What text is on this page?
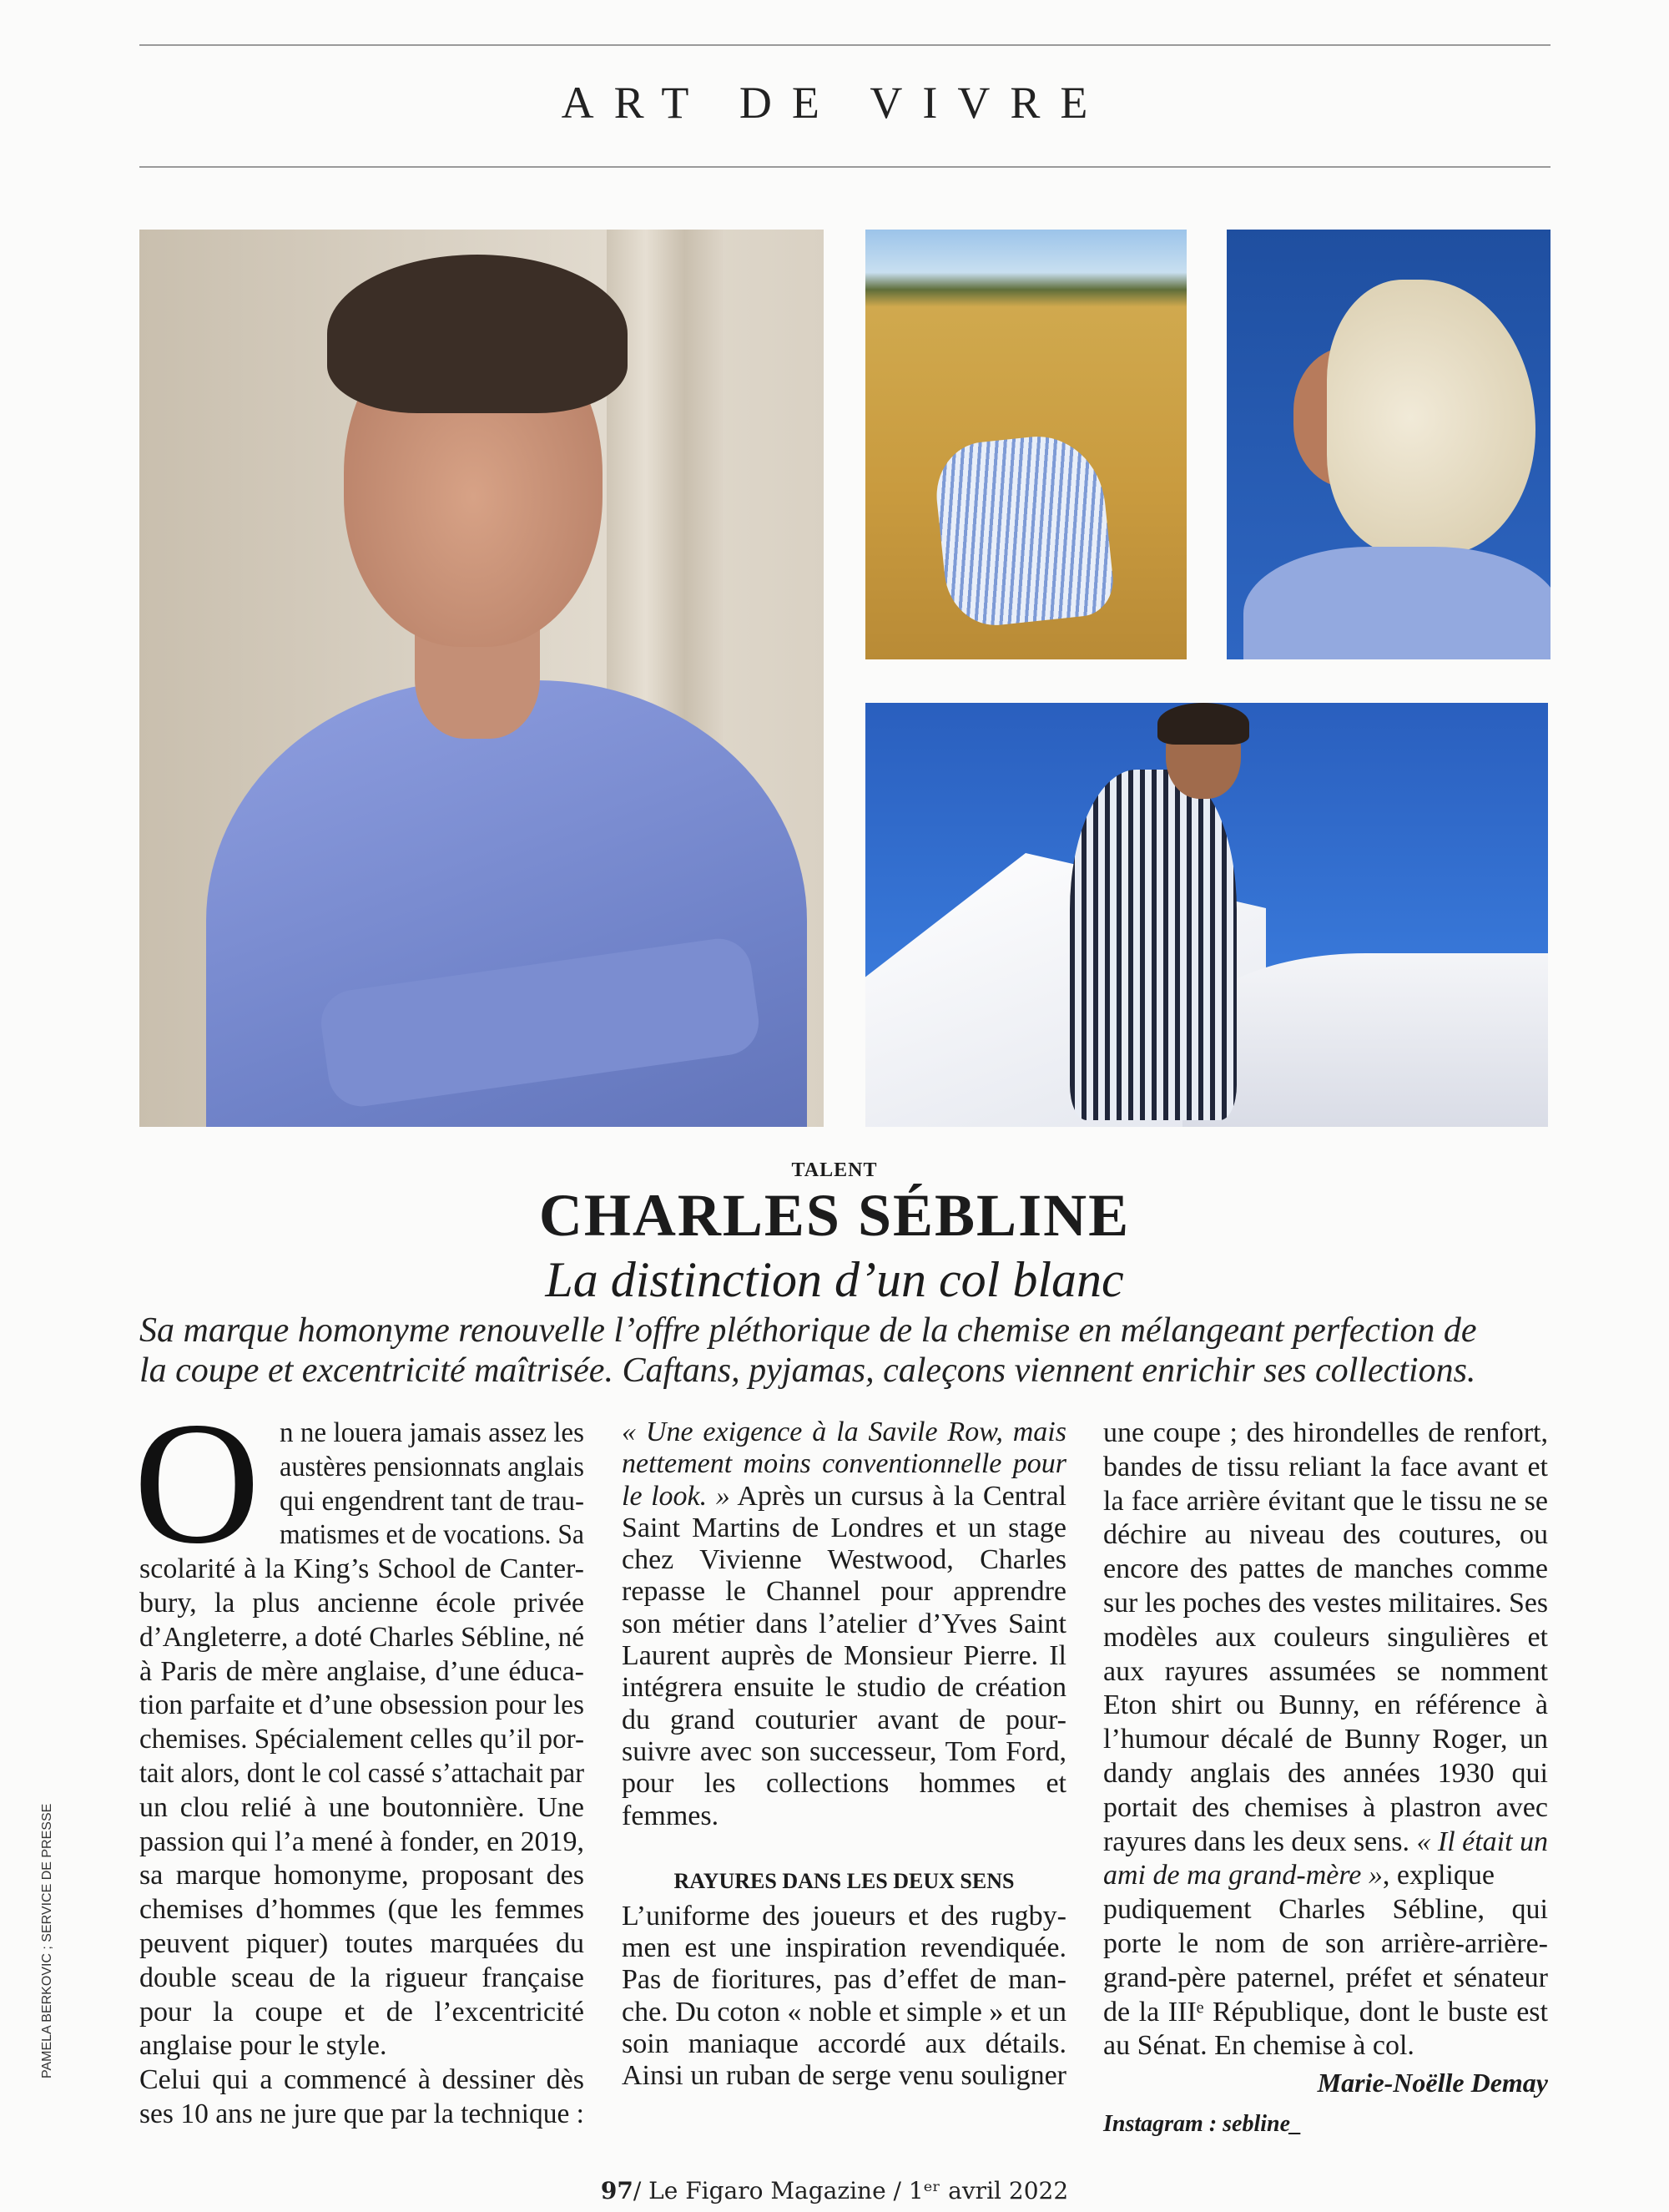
ART DE VIVRE
TALENT
CHARLES SÉBLINE
La distinction d’un col blanc
Sa marque homonyme renouvelle l’offre pléthorique de la chemise en mélangeant perfection de
la coupe et excentricité maîtrisée. Caftans, pyjamas, caleçons viennent enrichir ses collections.
O n ne louera jamais assez les
austères pensionnats anglais
qui engendrent tant de trau-
matismes et de vocations. Sa
scolarité à la King’s School de Canter-
bury, la plus ancienne école privée
d’Angleterre, a doté Charles Sébline, né
à Paris de mère anglaise, d’une éduca-
tion parfaite et d’une obsession pour les
chemises. Spécialement celles qu’il por-
tait alors, dont le col cassé s’attachait par
un clou relié à une boutonnière. Une
passion qui l’a mené à fonder, en 2019,
sa marque homonyme, proposant des
chemises d’hommes (que les femmes
peuvent piquer) toutes marquées du
double sceau de la rigueur française
pour la coupe et de l’excentricité
anglaise pour le style.
Celui qui a commencé à dessiner dès
ses 10 ans ne jure que par la technique :
« Une exigence à la Savile Row, mais
nettement moins conventionnelle pour
le look. » Après un cursus à la Central
Saint Martins de Londres et un stage
chez Vivienne Westwood, Charles
repasse le Channel pour apprendre
son métier dans l’atelier d’Yves Saint
Laurent auprès de Monsieur Pierre. Il
intégrera ensuite le studio de création
du grand couturier avant de pour-
suivre avec son successeur, Tom Ford,
pour les collections hommes et
femmes.
RAYURES DANS LES DEUX SENS
L’uniforme des joueurs et des rugby-
men est une inspiration revendiquée.
Pas de fioritures, pas d’effet de man-
che. Du coton « noble et simple » et un
soin maniaque accordé aux détails.
Ainsi un ruban de serge venu souligner
une coupe ; des hirondelles de renfort,
bandes de tissu reliant la face avant et
la face arrière évitant que le tissu ne se
déchire au niveau des coutures, ou
encore des pattes de manches comme
sur les poches des vestes militaires. Ses
modèles aux couleurs singulières et
aux rayures assumées se nomment
Eton shirt ou Bunny, en référence à
l’humour décalé de Bunny Roger, un
dandy anglais des années 1930 qui
portait des chemises à plastron avec
rayures dans les deux sens. « Il était un
ami de ma grand-mère », explique
pudiquement Charles Sébline, qui
porte le nom de son arrière-arrière-
grand-père paternel, préfet et sénateur
de la IIIᵉ République, dont le buste est
au Sénat. En chemise à col.
Marie-Noëlle Demay
Instagram : sebline_
PAMELA BERKOVIC ; SERVICE DE PRESSE
97/ Le Figaro Magazine / 1ᵉʳ avril 2022
